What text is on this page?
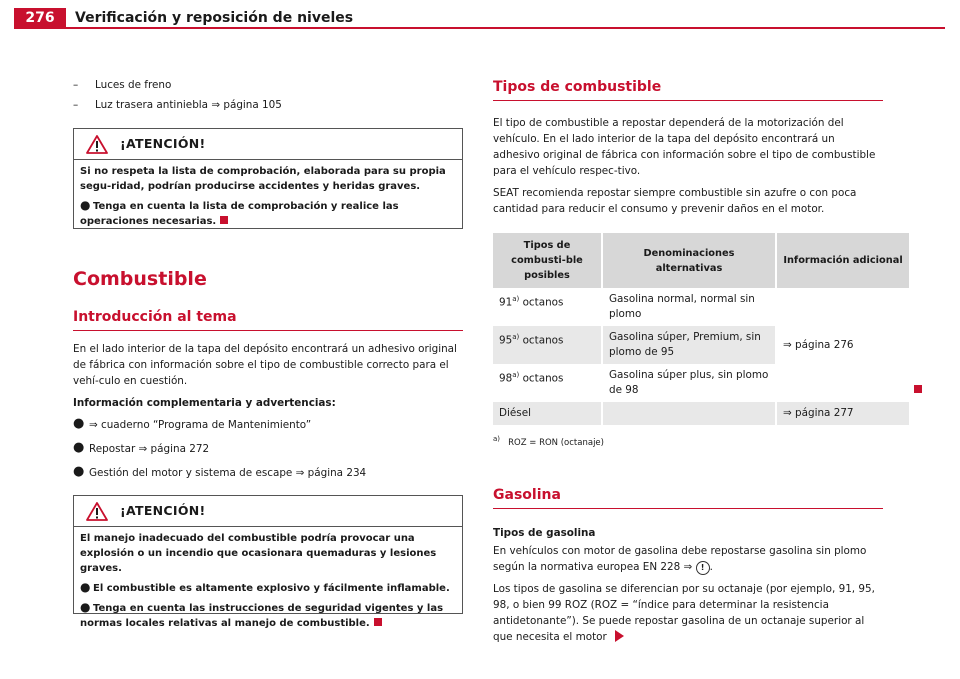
276	Verificación y reposición de niveles
– Luces de freno
– Luz trasera antiniebla ⇒ página 105
¡ATENCIÓN!

Si no respeta la lista de comprobación, elaborada para su propia segu-ridad, podrían producirse accidentes y heridas graves.

● Tenga en cuenta la lista de comprobación y realice las operaciones necesarias.

Combustible
Introducción al tema

En el lado interior de la tapa del depósito encontrará un adhesivo original de fábrica con información sobre el tipo de combustible correcto para el vehí-culo en cuestión.

Información complementaria y advertencias:

● ⇒ cuaderno “Programa de Mantenimiento”
● Repostar ⇒ página 272
● Gestión del motor y sistema de escape ⇒ página 234
¡ATENCIÓN!

El manejo inadecuado del combustible podría provocar una explosión o un incendio que ocasionara quemaduras y lesiones graves.

● El combustible es altamente explosivo y fácilmente inflamable.

● Tenga en cuenta las instrucciones de seguridad vigentes y las normas locales relativas al manejo de combustible.

Tipos de combustible

El tipo de combustible a repostar dependerá de la motorización del vehículo. En el lado interior de la tapa del depósito encontrará un adhesivo original de fábrica con información sobre el tipo de combustible para el vehículo respec-tivo.

SEAT recomienda repostar siempre combustible sin azufre o con poca cantidad para reducir el consumo y prevenir daños en el motor.

Tipos de combusti-ble posibles	Denominaciones alternativas	Información adicional
91$^{a)}$ octanos	Gasolina normal, normal sin plomo	⇒ página 276
95$^{a)}$ octanos	Gasolina súper, Premium, sin plomo de 95	
98$^{a)}$ octanos	Gasolina súper plus, sin plomo de 98	
Diésel		⇒ página 277

$^{a)}$ ROZ = RON (octanaje)

Gasolina

Tipos de gasolina

En vehículos con motor de gasolina debe repostarse gasolina sin plomo según la normativa europea EN 228 ⇒ ! .

Los tipos de gasolina se diferencian por su octanaje (por ejemplo, 91, 95, 98, o bien 99 ROZ (ROZ = “índice para determinar la resistencia antidetonante”). Se puede repostar gasolina de un octanaje superior al que necesita el motor
